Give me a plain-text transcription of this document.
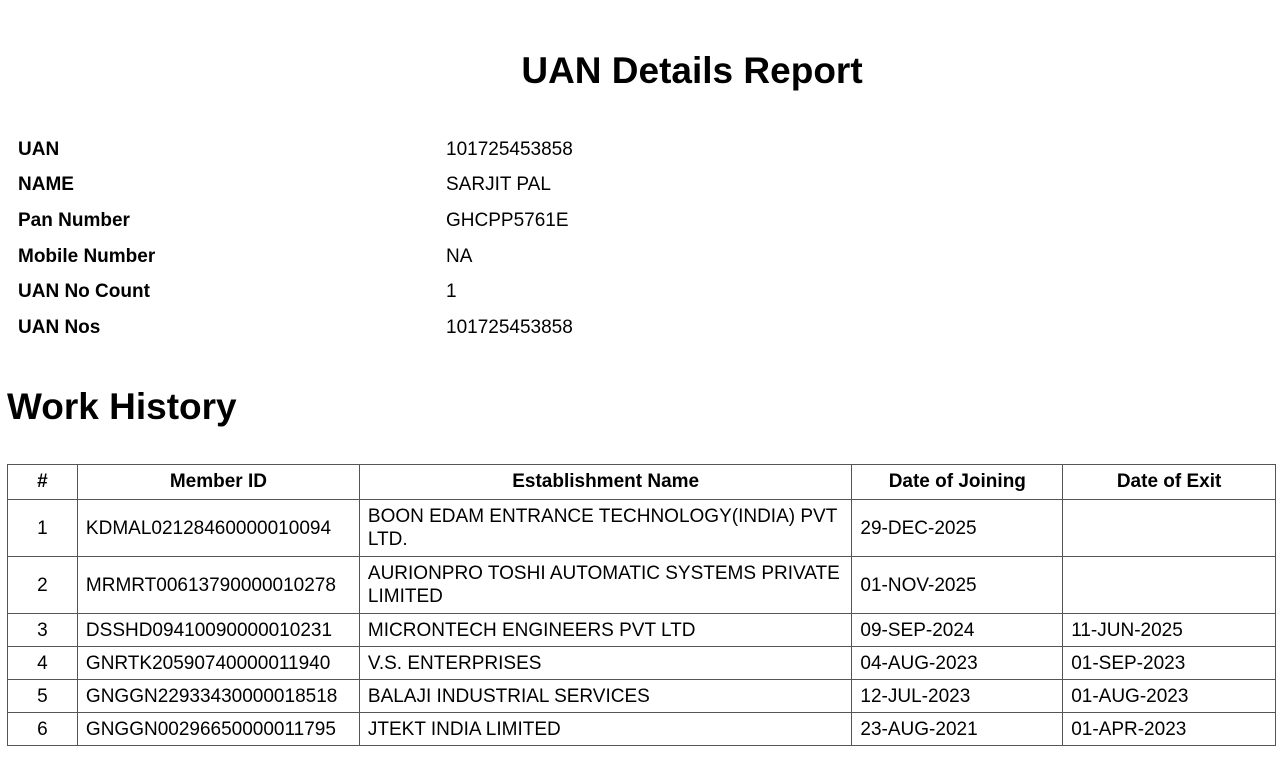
UAN Details Report
UAN	101725453858
NAME	SARJIT PAL
Pan Number	GHCPP5761E
Mobile Number	NA
UAN No Count	1
UAN Nos	101725453858
Work History
#	Member ID	Establishment Name	Date of Joining	Date of Exit
1	KDMAL02128460000010094	BOON EDAM ENTRANCE TECHNOLOGY(INDIA) PVT LTD.	29-DEC-2025	
2	MRMRT00613790000010278	AURIONPRO TOSHI AUTOMATIC SYSTEMS PRIVATE LIMITED	01-NOV-2025	
3	DSSHD09410090000010231	MICRONTECH ENGINEERS PVT LTD	09-SEP-2024	11-JUN-2025
4	GNRTK20590740000011940	V.S. ENTERPRISES	04-AUG-2023	01-SEP-2023
5	GNGGN22933430000018518	BALAJI INDUSTRIAL SERVICES	12-JUL-2023	01-AUG-2023
6	GNGGN00296650000011795	JTEKT INDIA LIMITED	23-AUG-2021	01-APR-2023
